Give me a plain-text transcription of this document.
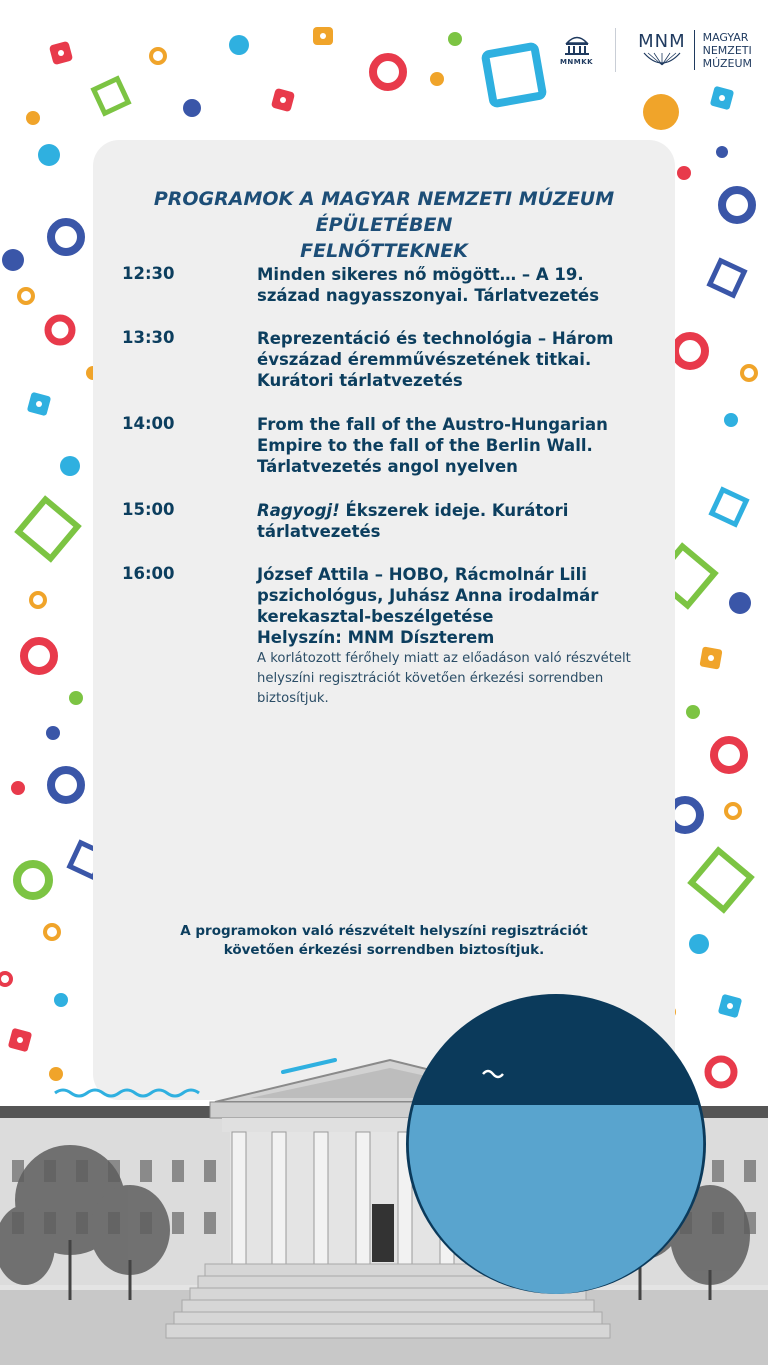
MNMKK
MNM MAGYAR
NEMZETI
MÚZEUM
PROGRAMOK A MAGYAR NEMZETI MÚZEUM ÉPÜLETÉBEN
FELNŐTTEKNEK
12:30	Minden sikeres nő mögött… – A 19. század nagyasszonyai. Tárlatvezetés
13:30	Reprezentáció és technológia – Három évszázad éremművészetének titkai. Kurátori tárlatvezetés
14:00	From the fall of the Austro-Hungarian Empire to the fall of the Berlin Wall. Tárlatvezetés angol nyelven
15:00	Ragyogj! Ékszerek ideje. Kurátori tárlatvezetés
16:00	József Attila – HOBO, Rácmolnár Lili pszichológus, Juhász Anna irodalmár kerekasztal-beszélgetése
Helyszín: MNM Díszterem
A korlátozott férőhely miatt az előadáson való részvételt helyszíni regisztrációt követően érkezési sorrendben biztosítjuk.
A programokon való részvételt helyszíni regisztrációt
követően érkezési sorrendben biztosítjuk.
